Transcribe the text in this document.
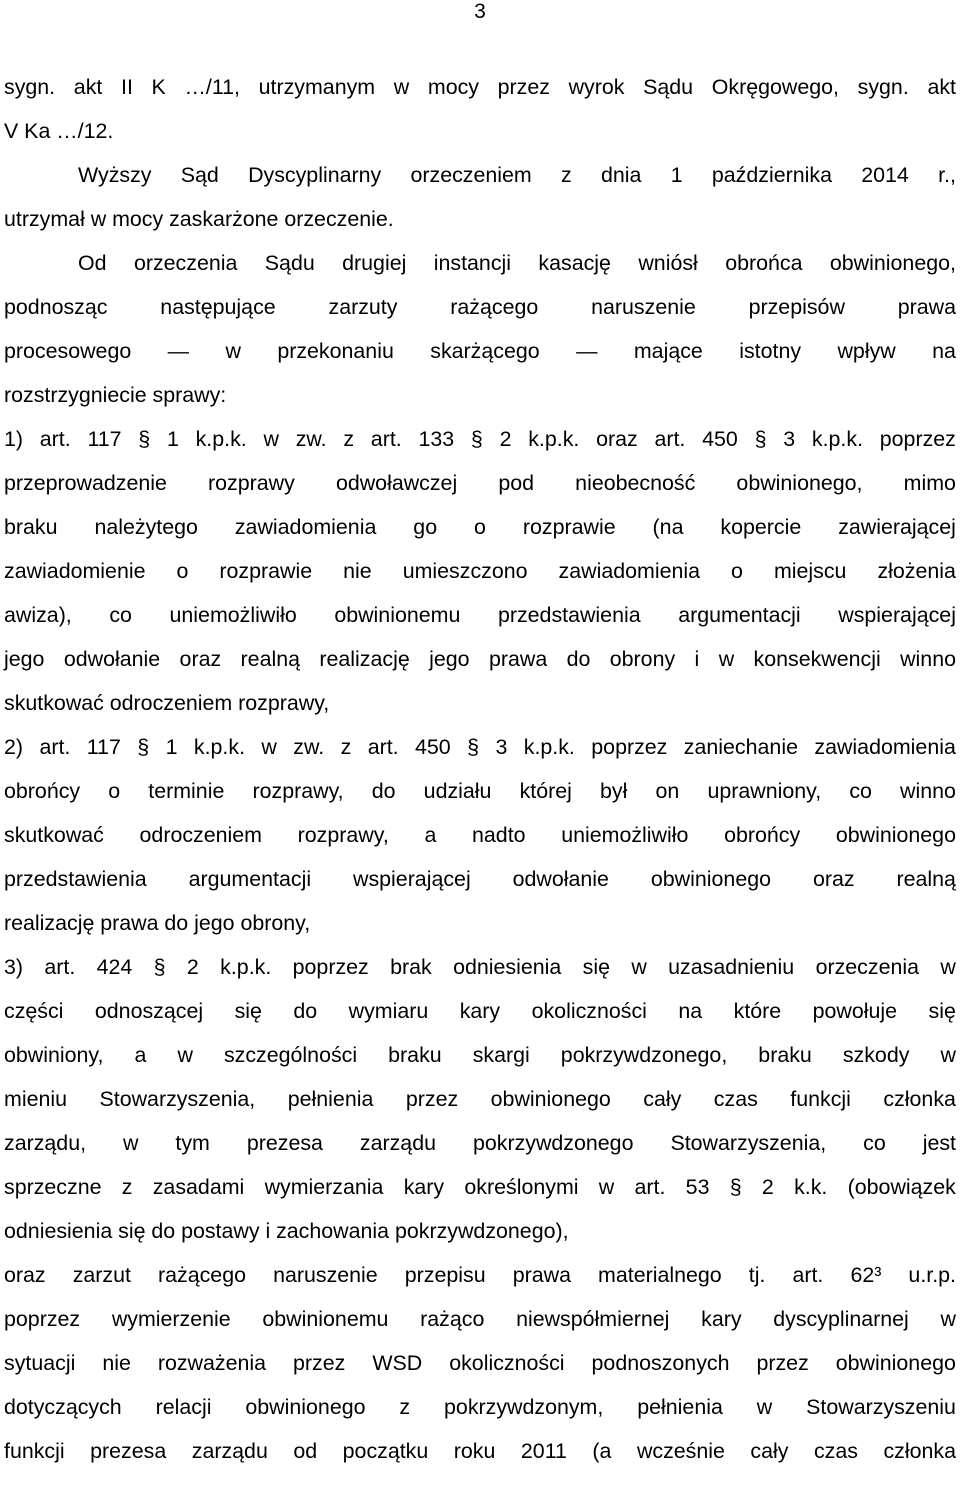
3
sygn. akt II K …/11, utrzymanym w mocy przez wyrok Sądu Okręgowego, sygn. akt
V Ka …/12.
Wyższy Sąd Dyscyplinarny orzeczeniem z dnia 1 października 2014 r.,
utrzymał w mocy zaskarżone orzeczenie.
Od orzeczenia Sądu drugiej instancji kasację wniósł obrońca obwinionego,
podnosząc następujące zarzuty rażącego naruszenie przepisów prawa
procesowego — w przekonaniu skarżącego — mające istotny wpływ na
rozstrzygniecie sprawy:
1) art. 117 § 1 k.p.k. w zw. z art. 133 § 2 k.p.k. oraz art. 450 § 3 k.p.k. poprzez
przeprowadzenie rozprawy odwoławczej pod nieobecność obwinionego, mimo
braku należytego zawiadomienia go o rozprawie (na kopercie zawierającej
zawiadomienie o rozprawie nie umieszczono zawiadomienia o miejscu złożenia
awiza), co uniemożliwiło obwinionemu przedstawienia argumentacji wspierającej
jego odwołanie oraz realną realizację jego prawa do obrony i w konsekwencji winno
skutkować odroczeniem rozprawy,
2) art. 117 § 1 k.p.k. w zw. z art. 450 § 3 k.p.k. poprzez zaniechanie zawiadomienia
obrońcy o terminie rozprawy, do udziału której był on uprawniony, co winno
skutkować odroczeniem rozprawy, a nadto uniemożliwiło obrońcy obwinionego
przedstawienia argumentacji wspierającej odwołanie obwinionego oraz realną
realizację prawa do jego obrony,
3) art. 424 § 2 k.p.k. poprzez brak odniesienia się w uzasadnieniu orzeczenia w
części odnoszącej się do wymiaru kary okoliczności na które powołuje się
obwiniony, a w szczególności braku skargi pokrzywdzonego, braku szkody w
mieniu Stowarzyszenia, pełnienia przez obwinionego cały czas funkcji członka
zarządu, w tym prezesa zarządu pokrzywdzonego Stowarzyszenia, co jest
sprzeczne z zasadami wymierzania kary określonymi w art. 53 § 2 k.k. (obowiązek
odniesienia się do postawy i zachowania pokrzywdzonego),
oraz zarzut rażącego naruszenie przepisu prawa materialnego tj. art. 62³ u.r.p.
poprzez wymierzenie obwinionemu rażąco niewspółmiernej kary dyscyplinarnej w
sytuacji nie rozważenia przez WSD okoliczności podnoszonych przez obwinionego
dotyczących relacji obwinionego z pokrzywdzonym, pełnienia w Stowarzyszeniu
funkcji prezesa zarządu od początku roku 2011 (a wcześnie cały czas członka
